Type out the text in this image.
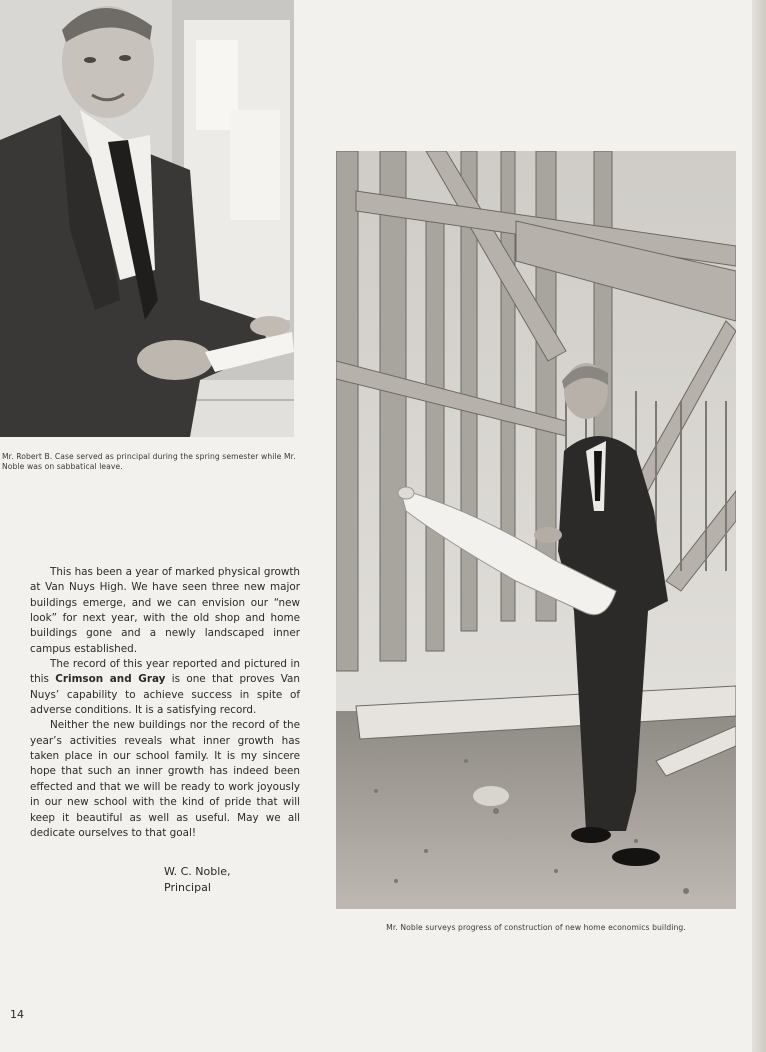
Mr. Robert B. Case served as principal during the spring semester while Mr. Noble was on sabbatical leave.
Mr. Noble surveys progress of construction of new home economics building.

This has been a year of marked physical growth at Van Nuys High. We have seen three new major buildings emerge, and we can envision our “new look” for next year, with the old shop and home buildings gone and a newly landscaped inner campus established.

The record of this year reported and pictured in this Crimson and Gray is one that proves Van Nuys’ capability to achieve success in spite of adverse conditions. It is a satisfying record.

Neither the new buildings nor the record of the year’s activities reveals what inner growth has taken place in our school family. It is my sincere hope that such an inner growth has indeed been effected and that we will be ready to work joyously in our new school with the kind of pride that will keep it beautiful as well as useful. May we all dedicate ourselves to that goal!

W. C. Noble,
Principal
14
